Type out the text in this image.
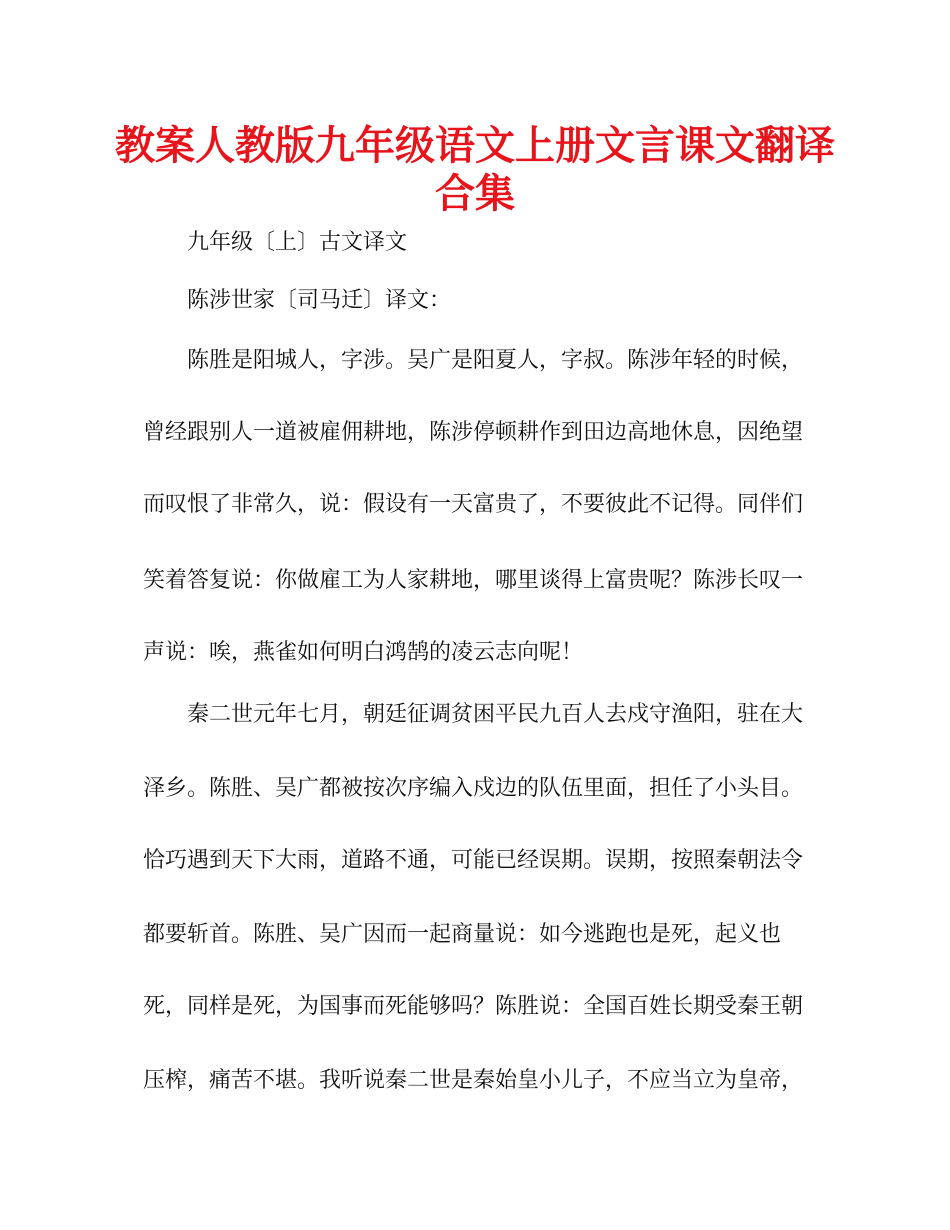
教案人教版九年级语文上册文言课文翻译
合集
九年级〔上〕古文译文
陈涉世家〔司马迁〕译文：
陈胜是阳城人，字涉。吴广是阳夏人，字叔。陈涉年轻的时候，
曾经跟别人一道被雇佣耕地，陈涉停顿耕作到田边高地休息，因绝望
而叹恨了非常久，说：假设有一天富贵了，不要彼此不记得。同伴们
笑着答复说：你做雇工为人家耕地，哪里谈得上富贵呢？陈涉长叹一
声说：唉，燕雀如何明白鸿鹄的凌云志向呢！
秦二世元年七月，朝廷征调贫困平民九百人去戍守渔阳，驻在大
泽乡。陈胜、吴广都被按次序编入戍边的队伍里面，担任了小头目。
恰巧遇到天下大雨，道路不通，可能已经误期。误期，按照秦朝法令
都要斩首。陈胜、吴广因而一起商量说：如今逃跑也是死，起义也
死，同样是死，为国事而死能够吗？陈胜说：全国百姓长期受秦王朝
压榨，痛苦不堪。我听说秦二世是秦始皇小儿子，不应当立为皇帝，
